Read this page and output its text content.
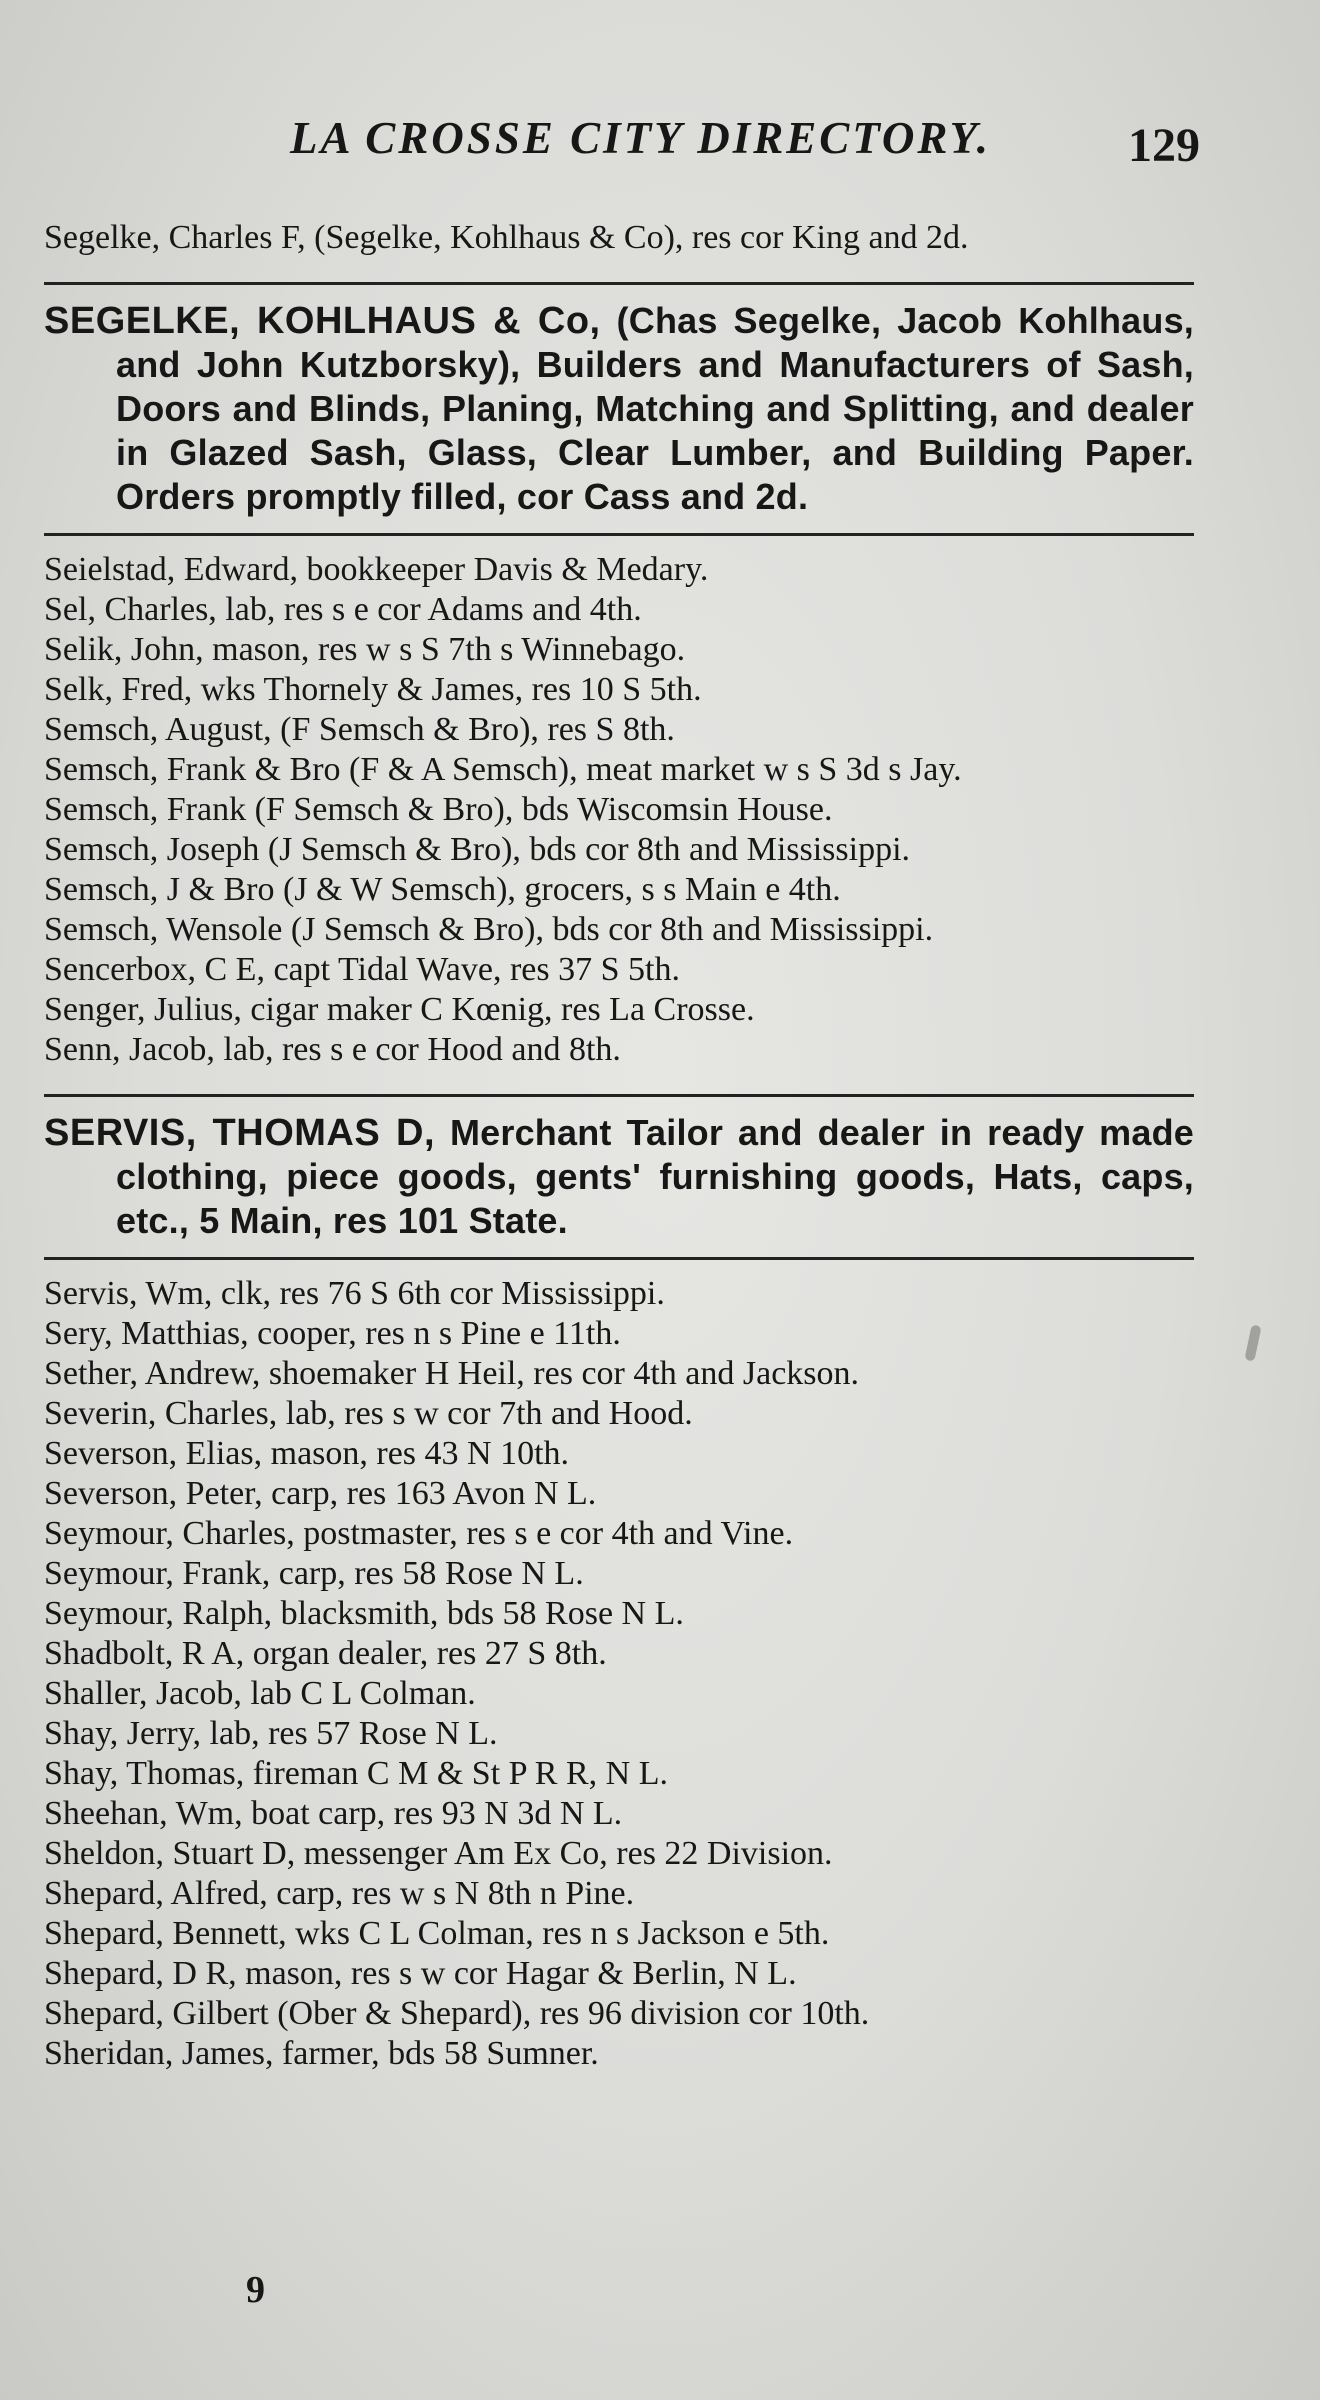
LA CROSSE CITY DIRECTORY.	129

Segelke, Charles F, (Segelke, Kohlhaus & Co), res cor King and 2d.

SEGELKE, KOHLHAUS & Co, (Chas Segelke, Jacob Kohlhaus, and John Kutzborsky), Builders and Manufacturers of Sash, Doors and Blinds, Planing, Matching and Splitting, and dealer in Glazed Sash, Glass, Clear Lumber, and Building Paper. Orders promptly filled, cor Cass and 2d.

Seielstad, Edward, bookkeeper Davis & Medary.

Sel, Charles, lab, res s e cor Adams and 4th.

Selik, John, mason, res w s S 7th s Winnebago.

Selk, Fred, wks Thornely & James, res 10 S 5th.

Semsch, August, (F Semsch & Bro), res S 8th.

Semsch, Frank & Bro (F & A Semsch), meat market w s S 3d s Jay.

Semsch, Frank (F Semsch & Bro), bds Wiscomsin House.

Semsch, Joseph (J Semsch & Bro), bds cor 8th and Mississippi.

Semsch, J & Bro (J & W Semsch), grocers, s s Main e 4th.

Semsch, Wensole (J Semsch & Bro), bds cor 8th and Mississippi.

Sencerbox, C E, capt Tidal Wave, res 37 S 5th.

Senger, Julius, cigar maker C Kœnig, res La Crosse.

Senn, Jacob, lab, res s e cor Hood and 8th.

SERVIS, THOMAS D, Merchant Tailor and dealer in ready made clothing, piece goods, gents' furnishing goods, Hats, caps, etc., 5 Main, res 101 State.

Servis, Wm, clk, res 76 S 6th cor Mississippi.

Sery, Matthias, cooper, res n s Pine e 11th.

Sether, Andrew, shoemaker H Heil, res cor 4th and Jackson.

Severin, Charles, lab, res s w cor 7th and Hood.

Severson, Elias, mason, res 43 N 10th.

Severson, Peter, carp, res 163 Avon N L.

Seymour, Charles, postmaster, res s e cor 4th and Vine.

Seymour, Frank, carp, res 58 Rose N L.

Seymour, Ralph, blacksmith, bds 58 Rose N L.

Shadbolt, R A, organ dealer, res 27 S 8th.

Shaller, Jacob, lab C L Colman.

Shay, Jerry, lab, res 57 Rose N L.

Shay, Thomas, fireman C M & St P R R, N L.

Sheehan, Wm, boat carp, res 93 N 3d N L.

Sheldon, Stuart D, messenger Am Ex Co, res 22 Division.

Shepard, Alfred, carp, res w s N 8th n Pine.

Shepard, Bennett, wks C L Colman, res n s Jackson e 5th.

Shepard, D R, mason, res s w cor Hagar & Berlin, N L.

Shepard, Gilbert (Ober & Shepard), res 96 division cor 10th.

Sheridan, James, farmer, bds 58 Sumner.

9
